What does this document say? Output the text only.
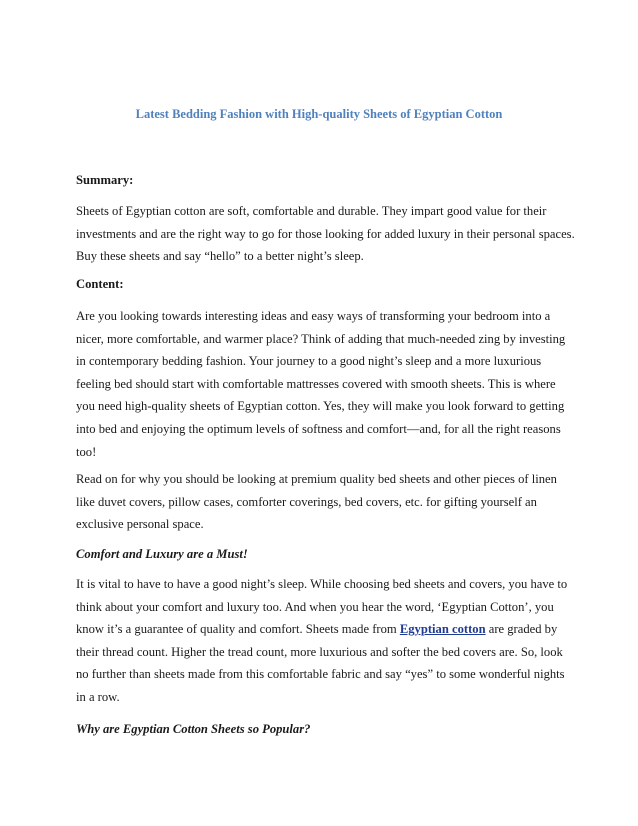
Latest Bedding Fashion with High-quality Sheets of Egyptian Cotton
Summary:
Sheets of Egyptian cotton are soft, comfortable and durable. They impart good value for their investments and are the right way to go for those looking for added luxury in their personal spaces. Buy these sheets and say “hello” to a better night’s sleep.
Content:
Are you looking towards interesting ideas and easy ways of transforming your bedroom into a nicer, more comfortable, and warmer place? Think of adding that much-needed zing by investing in contemporary bedding fashion. Your journey to a good night’s sleep and a more luxurious feeling bed should start with comfortable mattresses covered with smooth sheets. This is where you need high-quality sheets of Egyptian cotton. Yes, they will make you look forward to getting into bed and enjoying the optimum levels of softness and comfort—and, for all the right reasons too!
Read on for why you should be looking at premium quality bed sheets and other pieces of linen like duvet covers, pillow cases, comforter coverings, bed covers, etc. for gifting yourself an exclusive personal space.
Comfort and Luxury are a Must!
It is vital to have to have a good night’s sleep. While choosing bed sheets and covers, you have to think about your comfort and luxury too. And when you hear the word, ‘Egyptian Cotton’, you know it’s a guarantee of quality and comfort. Sheets made from Egyptian cotton are graded by their thread count. Higher the tread count, more luxurious and softer the bed covers are. So, look no further than sheets made from this comfortable fabric and say “yes” to some wonderful nights in a row.
Why are Egyptian Cotton Sheets so Popular?
